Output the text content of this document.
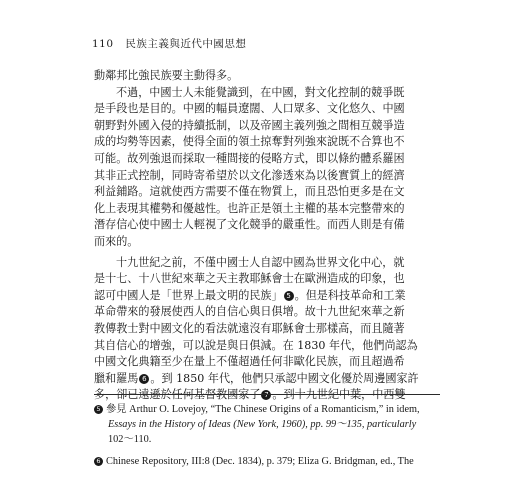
110 民族主義與近代中國思想
動鄰邦比強民族要主動得多。
不過，中國士人未能覺識到，在中國，對文化控制的競爭既
是手段也是目的。中國的幅員遼闊、人口眾多、文化悠久、中國
朝野對外國入侵的持續抵制，以及帝國主義列強之間相互競爭造
成的均勢等因素，使得全面的領土掠奪對列強來說既不合算也不
可能。故列強退而採取一種間接的侵略方式，即以條約體系羅困
其非正式控制，同時寄希望於以文化滲透來為以後實質上的經濟
利益鋪路。這就使西方需要不僅在物質上，而且恐怕更多是在文
化上表現其權勢和優越性。也許正是領土主權的基本完整帶來的
潛存信心使中國士人輕視了文化競爭的嚴重性。而西人則是有備
而來的。
十九世紀之前，不僅中國士人自認中國為世界文化中心，就
是十七、十八世紀來華之天主教耶穌會士在歐洲造成的印象，也
認可中國人是「世界上最文明的民族」 5 。但是科技革命和工業
革命帶來的發展使西人的自信心與日俱增。故十九世紀來華之新
教傳教士對中國文化的看法就遠沒有耶穌會士那樣高，而且隨著
其自信心的增強，可以說是與日俱減。在 1830 年代，他們尚認為
中國文化典籍至少在量上不僅超過任何非歐化民族，而且超過希
臘和羅馬 6 。到 1850 年代，他們只承認中國文化優於周邊國家許
多，卻已遠遜於任何基督教國家了 7 。到十九世紀中葉，中西雙
5 參見 Arthur O. Lovejoy, “The Chinese Origins of a Romanticism,” in idem,
Essays in the History of Ideas (New York, 1960), pp. 99～135, particularly
102～110.
6 Chinese Repository, III:8 (Dec. 1834), p. 379; Eliza G. Bridgman, ed., The
